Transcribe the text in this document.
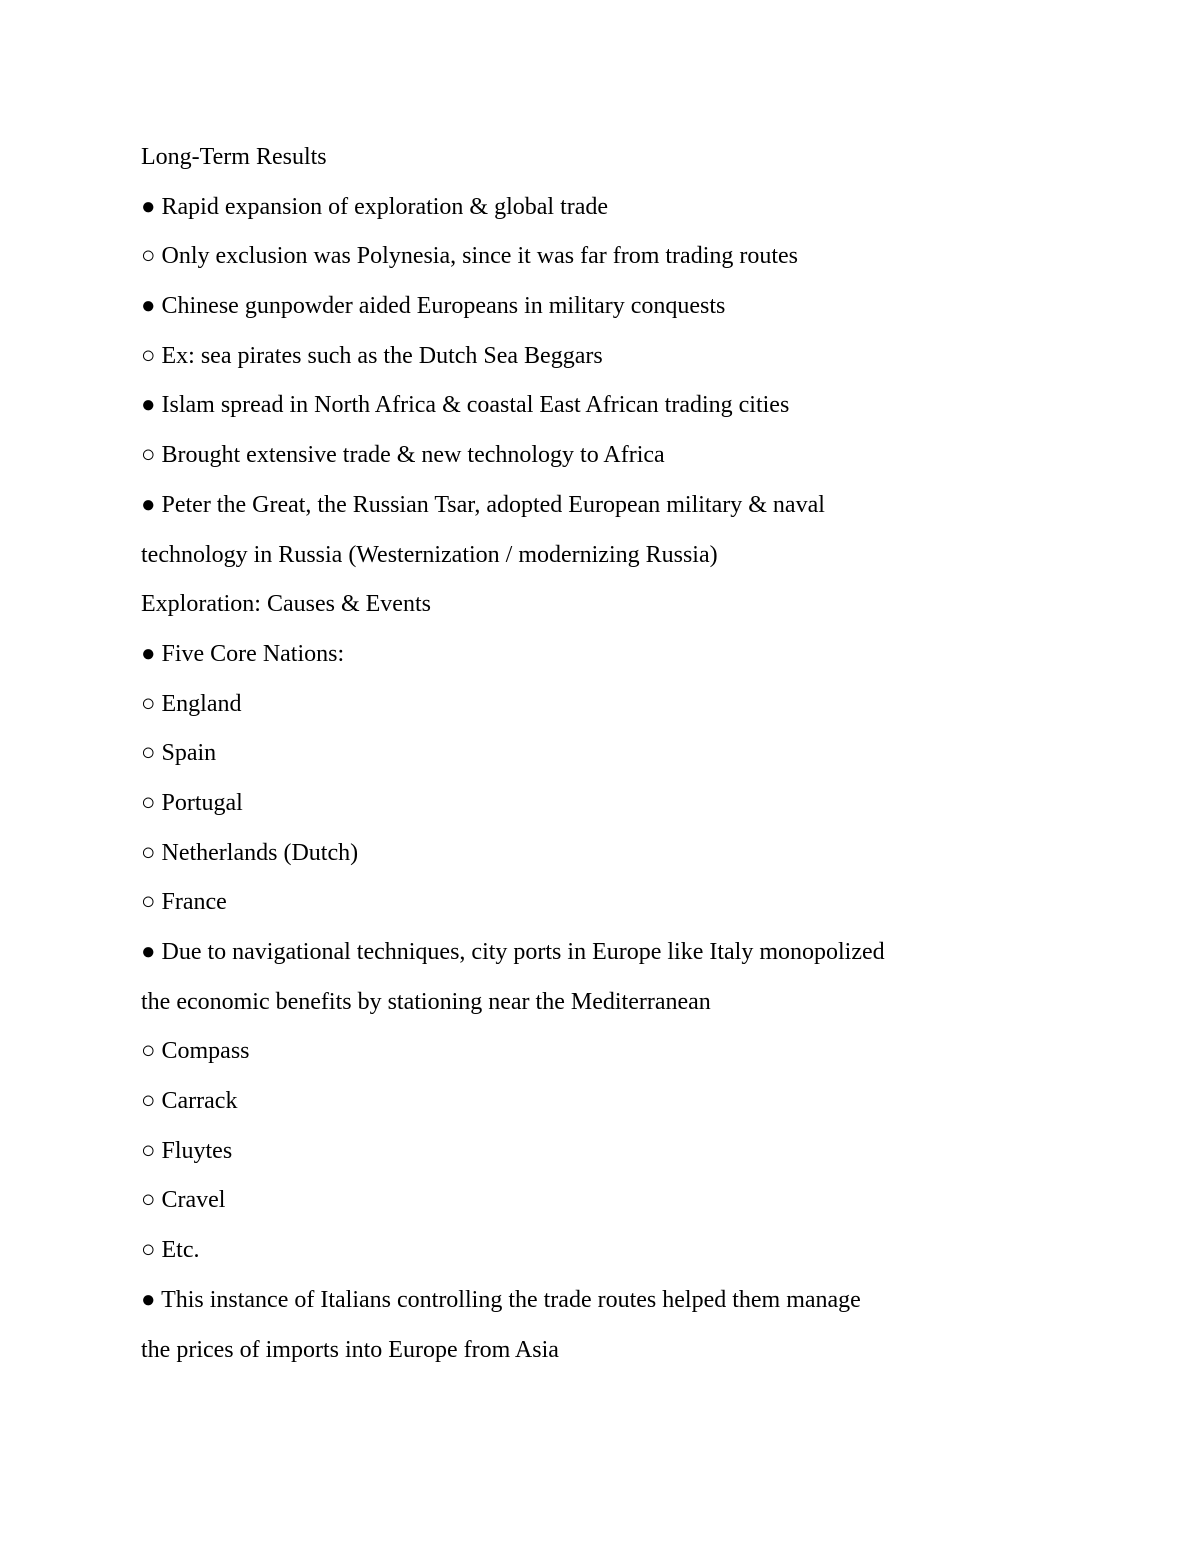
Long-Term Results
● Rapid expansion of exploration & global trade
○ Only exclusion was Polynesia, since it was far from trading routes
● Chinese gunpowder aided Europeans in military conquests
○ Ex: sea pirates such as the Dutch Sea Beggars
● Islam spread in North Africa & coastal East African trading cities
○ Brought extensive trade & new technology to Africa
● Peter the Great, the Russian Tsar, adopted European military & naval
technology in Russia (Westernization / modernizing Russia)
Exploration: Causes & Events
● Five Core Nations:
○ England
○ Spain
○ Portugal
○ Netherlands (Dutch)
○ France
● Due to navigational techniques, city ports in Europe like Italy monopolized
the economic benefits by stationing near the Mediterranean
○ Compass
○ Carrack
○ Fluytes
○ Cravel
○ Etc.
● This instance of Italians controlling the trade routes helped them manage
the prices of imports into Europe from Asia
